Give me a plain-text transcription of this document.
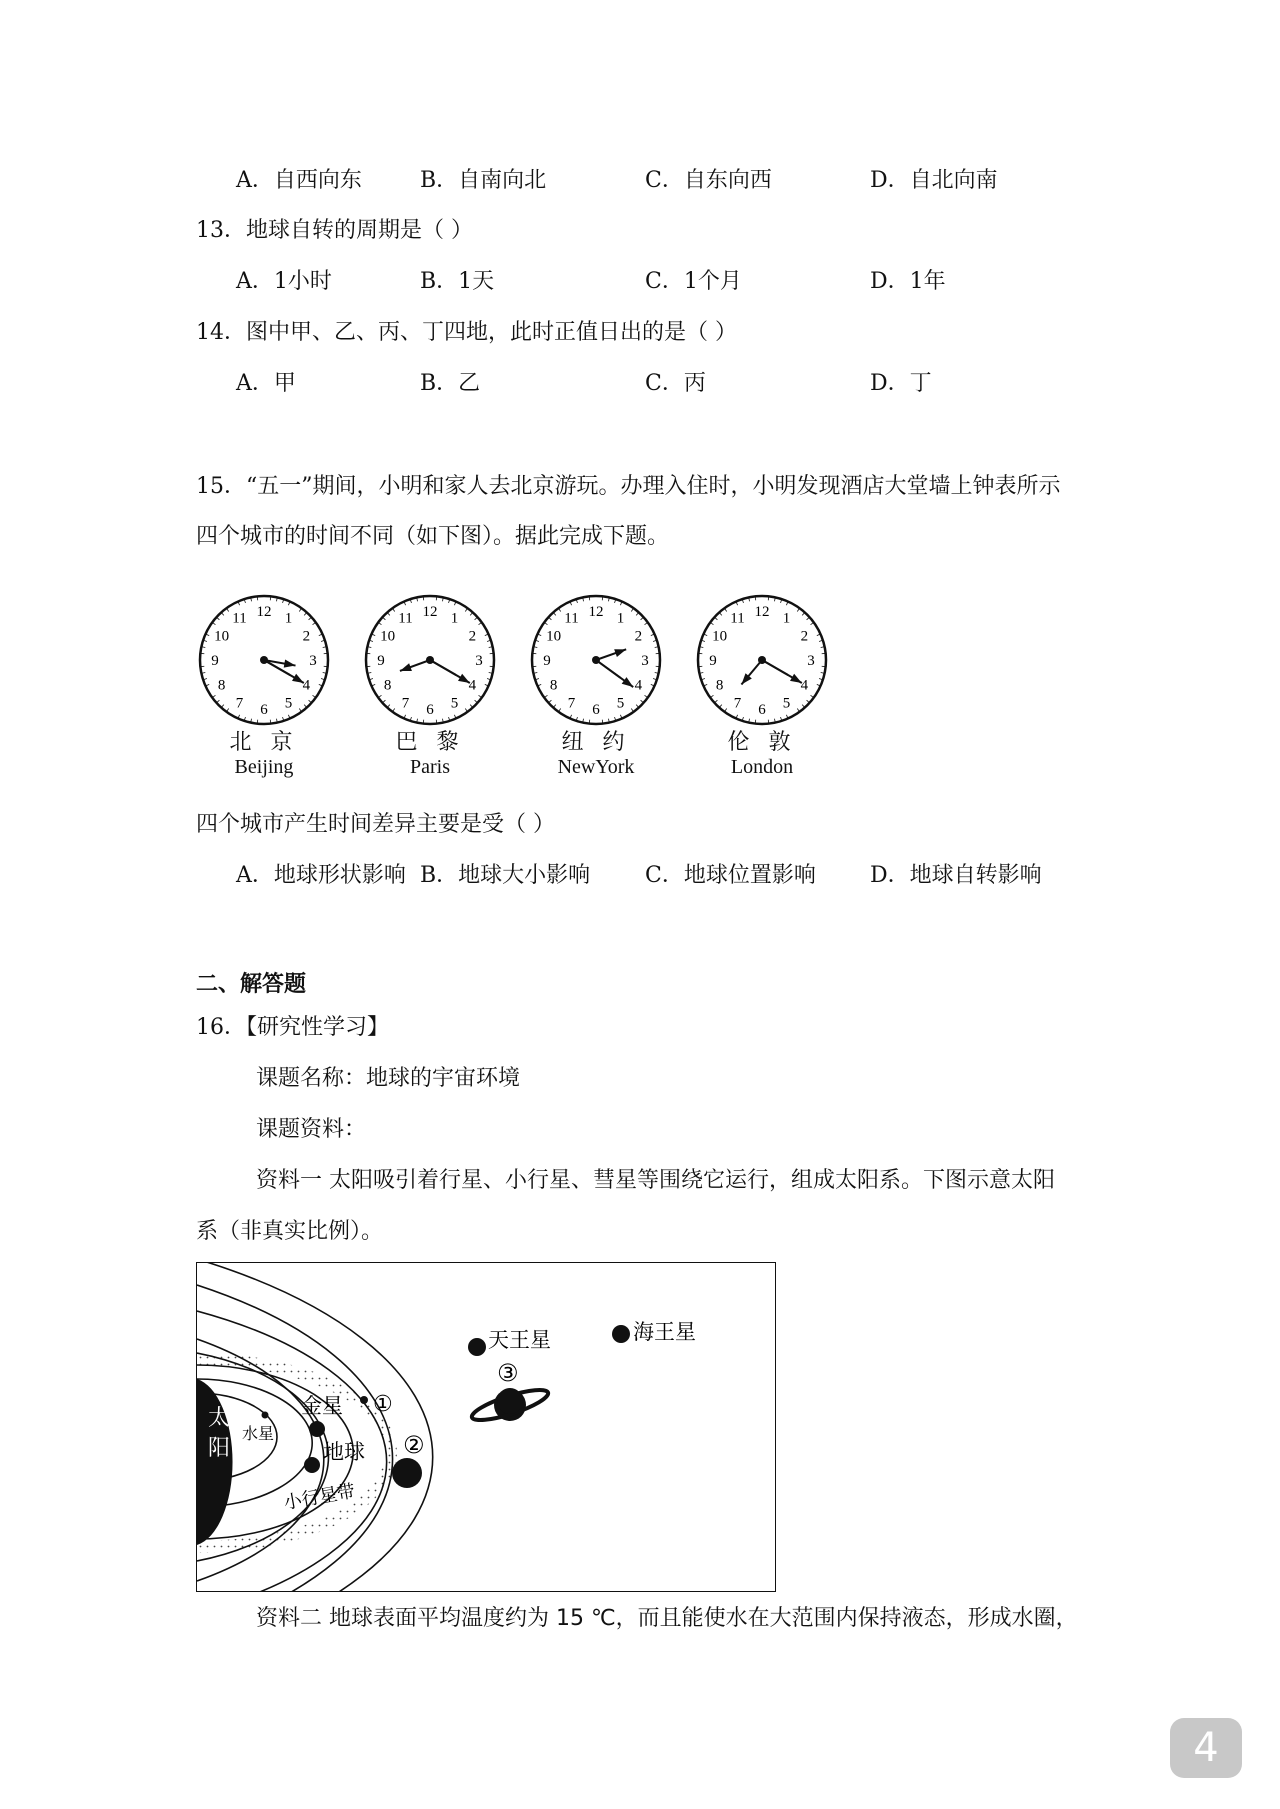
A．自西向东	B．自南向北	C．自东向西	D．自北向南
13．地球自转的周期是（ ）
A．1小时	B．1天	C．1个月	D．1年
14．图中甲、乙、丙、丁四地，此时正值日出的是（ ）
A．甲	B．乙	C．丙	D．丁
15．“五一”期间，小明和家人去北京游玩。办理入住时，小明发现酒店大堂墙上钟表所示
四个城市的时间不同（如下图）。据此完成下题。
12 1
2
3
4
5
6
7
8
9
10
11
北 京
Beijing
12 1
2
3
4
5
6
7
8
9
10
11
巴 黎
Paris
12 1
2
3
4
5
6
7
8
9
10
11
纽 约
NewYork
12 1
2
3
4
5
6
7
8
9
10
11
伦 敦
London
四个城市产生时间差异主要是受（ ）
A．地球形状影响 B．地球大小影响 C．地球位置影响 D．地球自转影响
二、解答题
16．【研究性学习】
课题名称：地球的宇宙环境
课题资料：
资料一 太阳吸引着行星、小行星、彗星等围绕它运行，组成太阳系。下图示意太阳
系（非真实比例）。
太
阳
水星
金星
地球
①
②
小行星带
③
天王星	海王星
资料二 地球表面平均温度约为 15 ℃，而且能使水在大范围内保持液态，形成水圈，
4
